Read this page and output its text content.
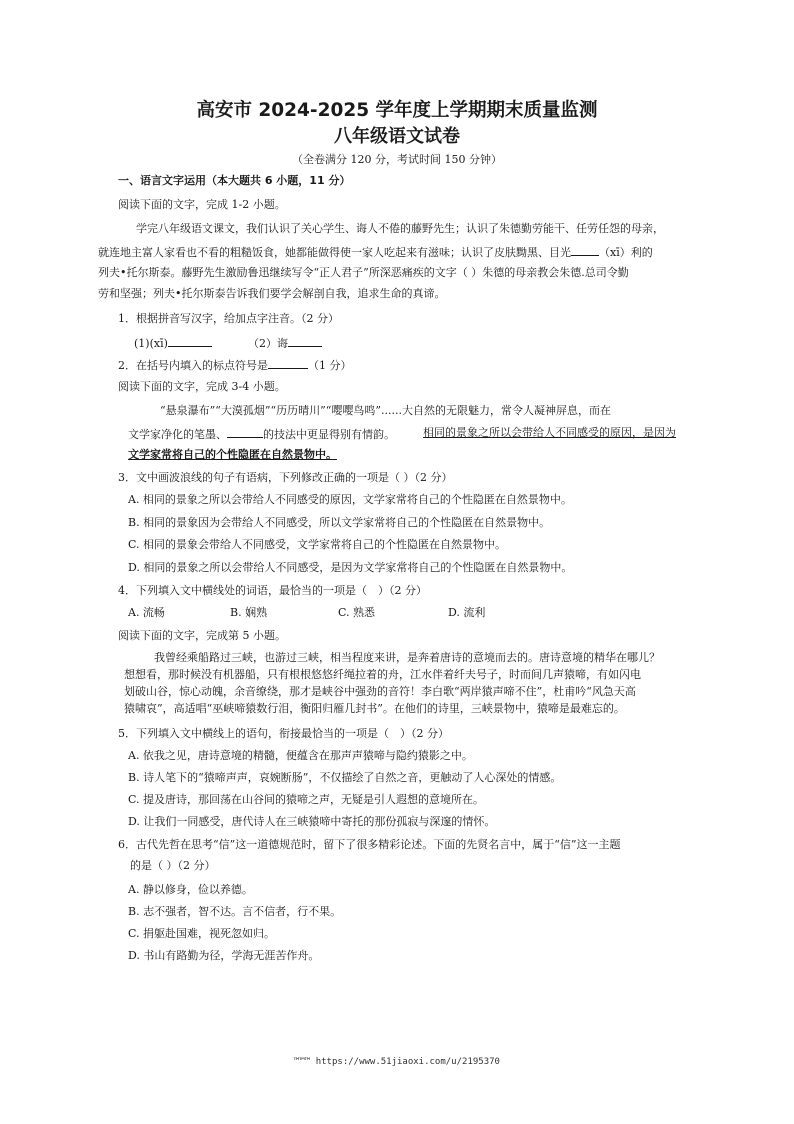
高安市 2024-2025 学年度上学期期末质量监测
八年级语文试卷
（全卷满分 120 分，考试时间 150 分钟）
一、语言文字运用（本大题共 6 小题，11 分）
阅读下面的文字，完成 1-2 小题。
学完八年级语文课文，我们认识了关心学生、诲人不倦的藤野先生；认识了朱德勤劳能干、任劳任怨的母亲，
就连地主富人家看也不看的粗糙饭食，她都能做得使一家人吃起来有滋味；认识了皮肤黝黑、目光	（xī）利的
列夫•托尔斯泰。藤野先生激励鲁迅继续写令“正人君子”所深恶痛疾的文字（ ）朱德的母亲教会朱德.总司令勤
劳和坚强；列夫•托尔斯泰告诉我们要学会解剖自我，追求生命的真谛。
1．根据拼音写汉字，给加点字注音。（2 分）
(1)(xī)	（2）诲
2．在括号内填入的标点符号是	（1 分）
阅读下面的文字，完成 3-4 小题。
“悬泉瀑布”“大漠孤烟”“历历晴川”“嘤嘤鸟鸣”......大自然的无限魅力，常令人凝神屏息，而在
文学家净化的笔墨、	的技法中更显得别有情韵。	相同的景象之所以会带给人不同感受的原因，是因为
文学家常将自己的个性隐匿在自然景物中。
3．文中画波浪线的句子有语病，下列修改正确的一项是（ ）（2 分）
A. 相同的景象之所以会带给人不同感受的原因，文学家常将自己的个性隐匿在自然景物中。
B. 相同的景象因为会带给人不同感受，所以文学家常将自己的个性隐匿在自然景物中。
C. 相同的景象会带给人不同感受，文学家常将自己的个性隐匿在自然景物中。
D. 相同的景象之所以会带给人不同感受，是因为文学家常将自己的个性隐匿在自然景物中。
4．下列填入文中横线处的词语，最恰当的一项是（　）（2 分）
A. 流畅	B. 娴熟	C. 熟悉	D. 流利
阅读下面的文字，完成第 5 小题。
我曾经乘船路过三峡，也游过三峡，相当程度来讲，是奔着唐诗的意境而去的。唐诗意境的精华在哪儿？
想想看，那时候没有机器船，只有根根悠悠纤绳拉着的舟，江水伴着纤夫号子，时而间几声猿啼，有如闪电
划破山谷，惊心动魄，余音缭绕，那才是峡谷中强劲的音符！李白歌“两岸猿声啼不住”，杜甫吟“风急天高
猿啸哀”，高适唱“巫峡啼猿数行泪，衡阳归雁几封书”。在他们的诗里，三峡景物中，猿啼是最难忘的。
5．下列填入文中横线上的语句，衔接最恰当的一项是（　）（2 分）
A. 依我之见，唐诗意境的精髓，便蕴含在那声声猿啼与隐约猿影之中。
B. 诗人笔下的“猿啼声声，哀婉断肠”，不仅描绘了自然之音，更触动了人心深处的情感。
C. 提及唐诗，那回荡在山谷间的猿啼之声，无疑是引人遐想的意境所在。
D. 让我们一同感受，唐代诗人在三峡猿啼中寄托的那份孤寂与深邃的情怀。
6．古代先哲在思考“信”这一道德规范时，留下了很多精彩论述。下面的先贤名言中，属于“信”这一主题
的是（ ）（2 分）
A. 静以修身，俭以养德。
B. 志不强者，智不达。言不信者，行不果。
C. 捐躯赴国难，视死忽如归。
D. 书山有路勤为径，学海无涯苦作舟。
™™™ https://www.51jiaoxi.com/u/2195370
